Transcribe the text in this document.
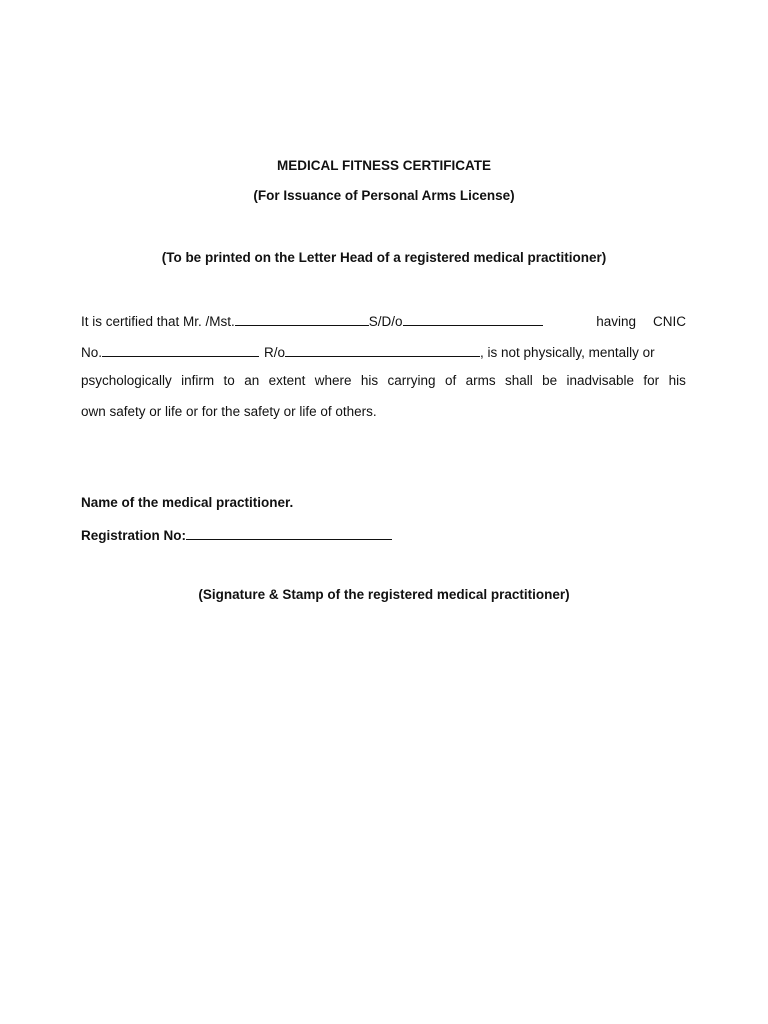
MEDICAL FITNESS CERTIFICATE
(For Issuance of Personal Arms License)
(To be printed on the Letter Head of a registered medical practitioner)
It is certified that Mr. /Mst.	S/D/o	having CNIC
No.	R/o	, is not physically, mentally or
psychologically infirm to an extent where his carrying of arms shall be inadvisable for his
own safety or life or for the safety or life of others.
Name of the medical practitioner.
Registration No:
(Signature & Stamp of the registered medical practitioner)
